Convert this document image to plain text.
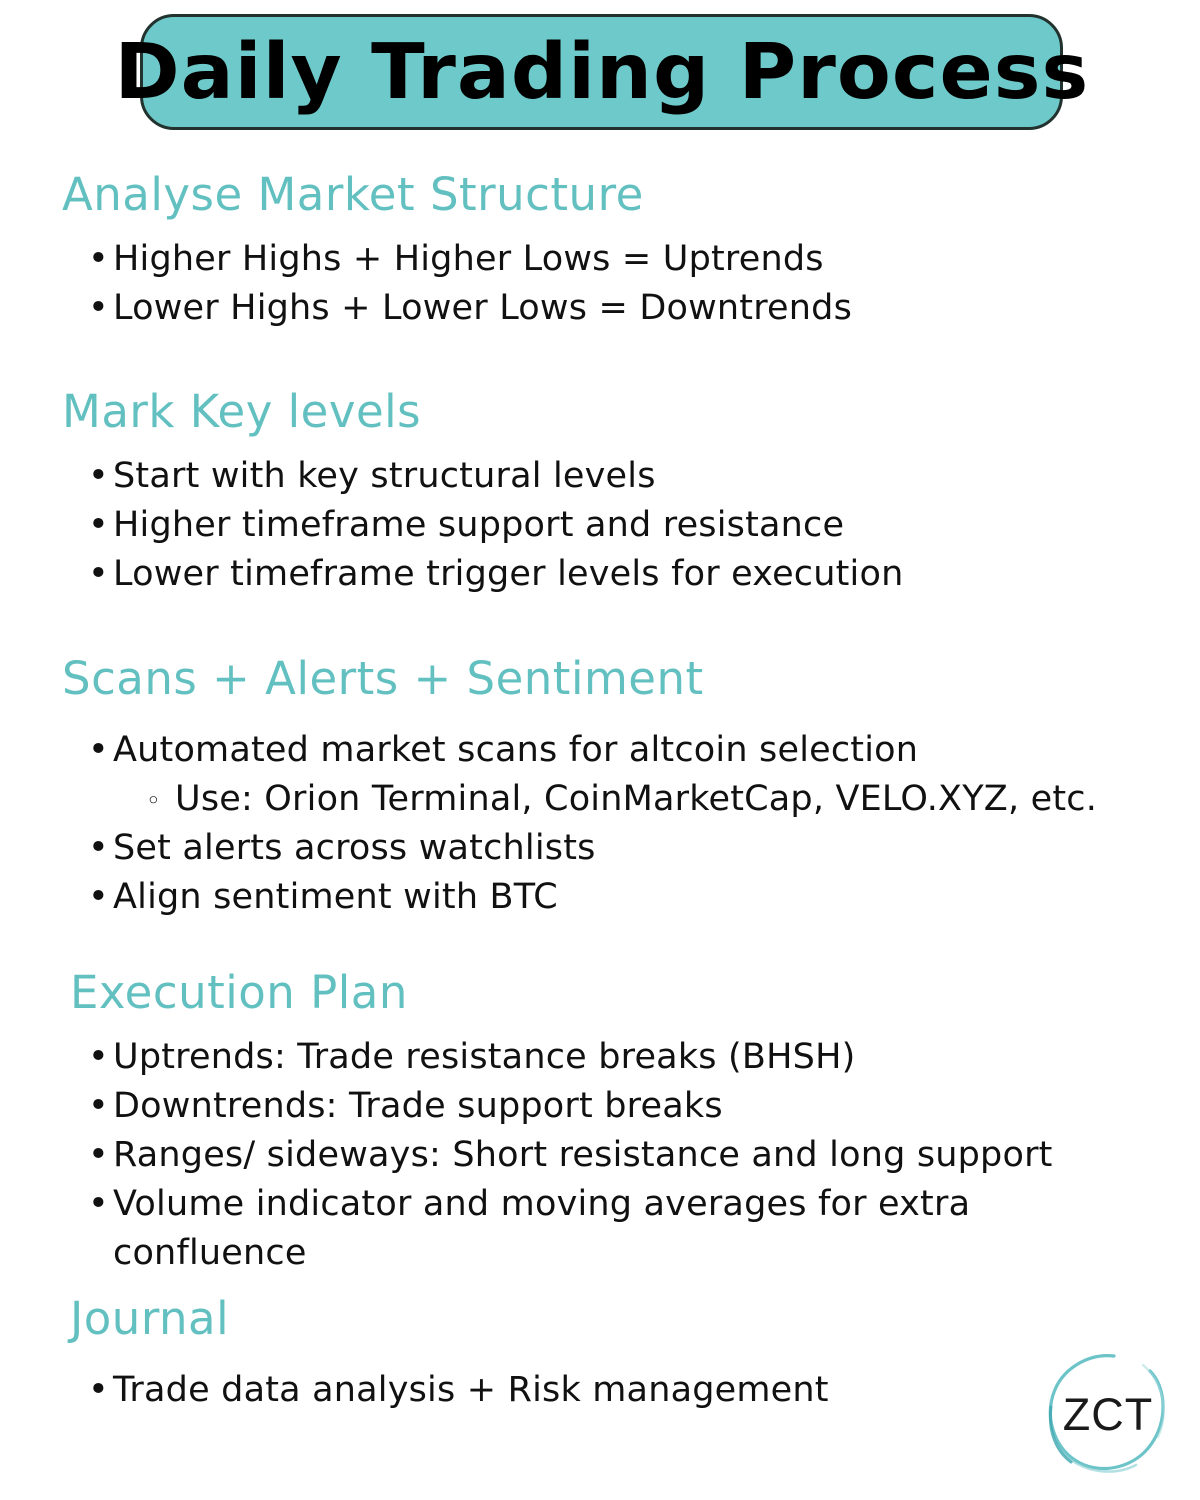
Daily Trading Process
Analyse Market Structure
• Higher Highs + Higher Lows = Uptrends
• Lower Highs + Lower Lows = Downtrends
Mark Key levels
• Start with key structural levels
• Higher timeframe support and resistance
• Lower timeframe trigger levels for execution
Scans + Alerts + Sentiment
• Automated market scans for altcoin selection
◦ Use: Orion Terminal, CoinMarketCap, VELO.XYZ, etc.
• Set alerts across watchlists
• Align sentiment with BTC
Execution Plan
• Uptrends: Trade resistance breaks (BHSH)
• Downtrends: Trade support breaks
• Ranges/ sideways: Short resistance and long support
• Volume indicator and moving averages for extra confluence
Journal
• Trade data analysis + Risk management	ZCT
